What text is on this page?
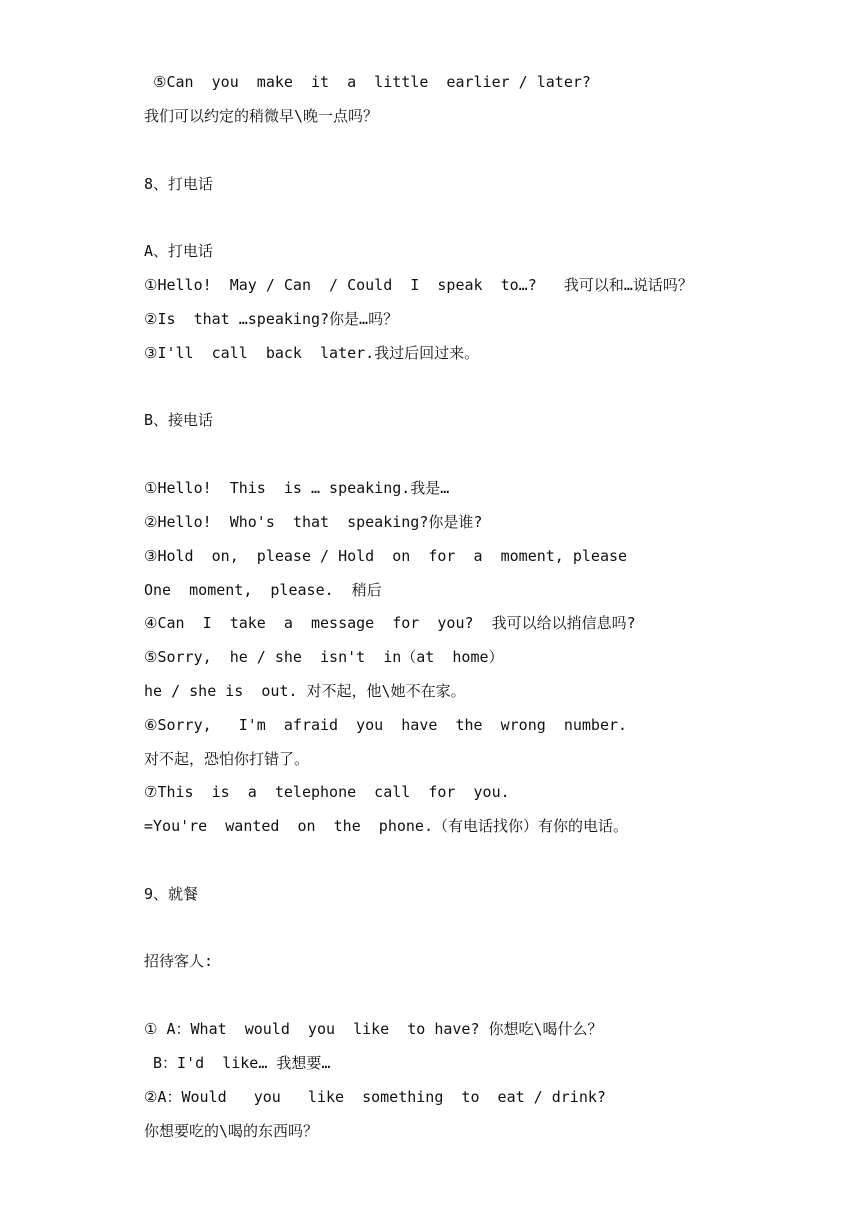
⑤Can  you  make  it  a  little  earlier / later?
我们可以约定的稍微早\晚一点吗？
8、打电话
A、打电话
①Hello!  May / Can  / Could  I  speak  to…?   我可以和…说话吗？
②Is  that …speaking?你是…吗？
③I'll  call  back  later.我过后回过来。
B、接电话
①Hello!  This  is … speaking.我是…
②Hello!  Who's  that  speaking?你是谁?
③Hold  on,  please / Hold  on  for  a  moment, please
One  moment,  please.  稍后
④Can  I  take  a  message  for  you?  我可以给以捎信息吗?
⑤Sorry,  he / she  isn't  in（at  home）
he / she is  out. 对不起，他\她不在家。
⑥Sorry,   I'm  afraid  you  have  the  wrong  number.
对不起，恐怕你打错了。
⑦This  is  a  telephone  call  for  you.
=You're  wanted  on  the  phone.（有电话找你）有你的电话。
9、就餐
招待客人:
① A：What  would  you  like  to have? 你想吃\喝什么？
B：I'd  like… 我想要…
②A：Would   you   like  something  to  eat / drink?
你想要吃的\喝的东西吗？
